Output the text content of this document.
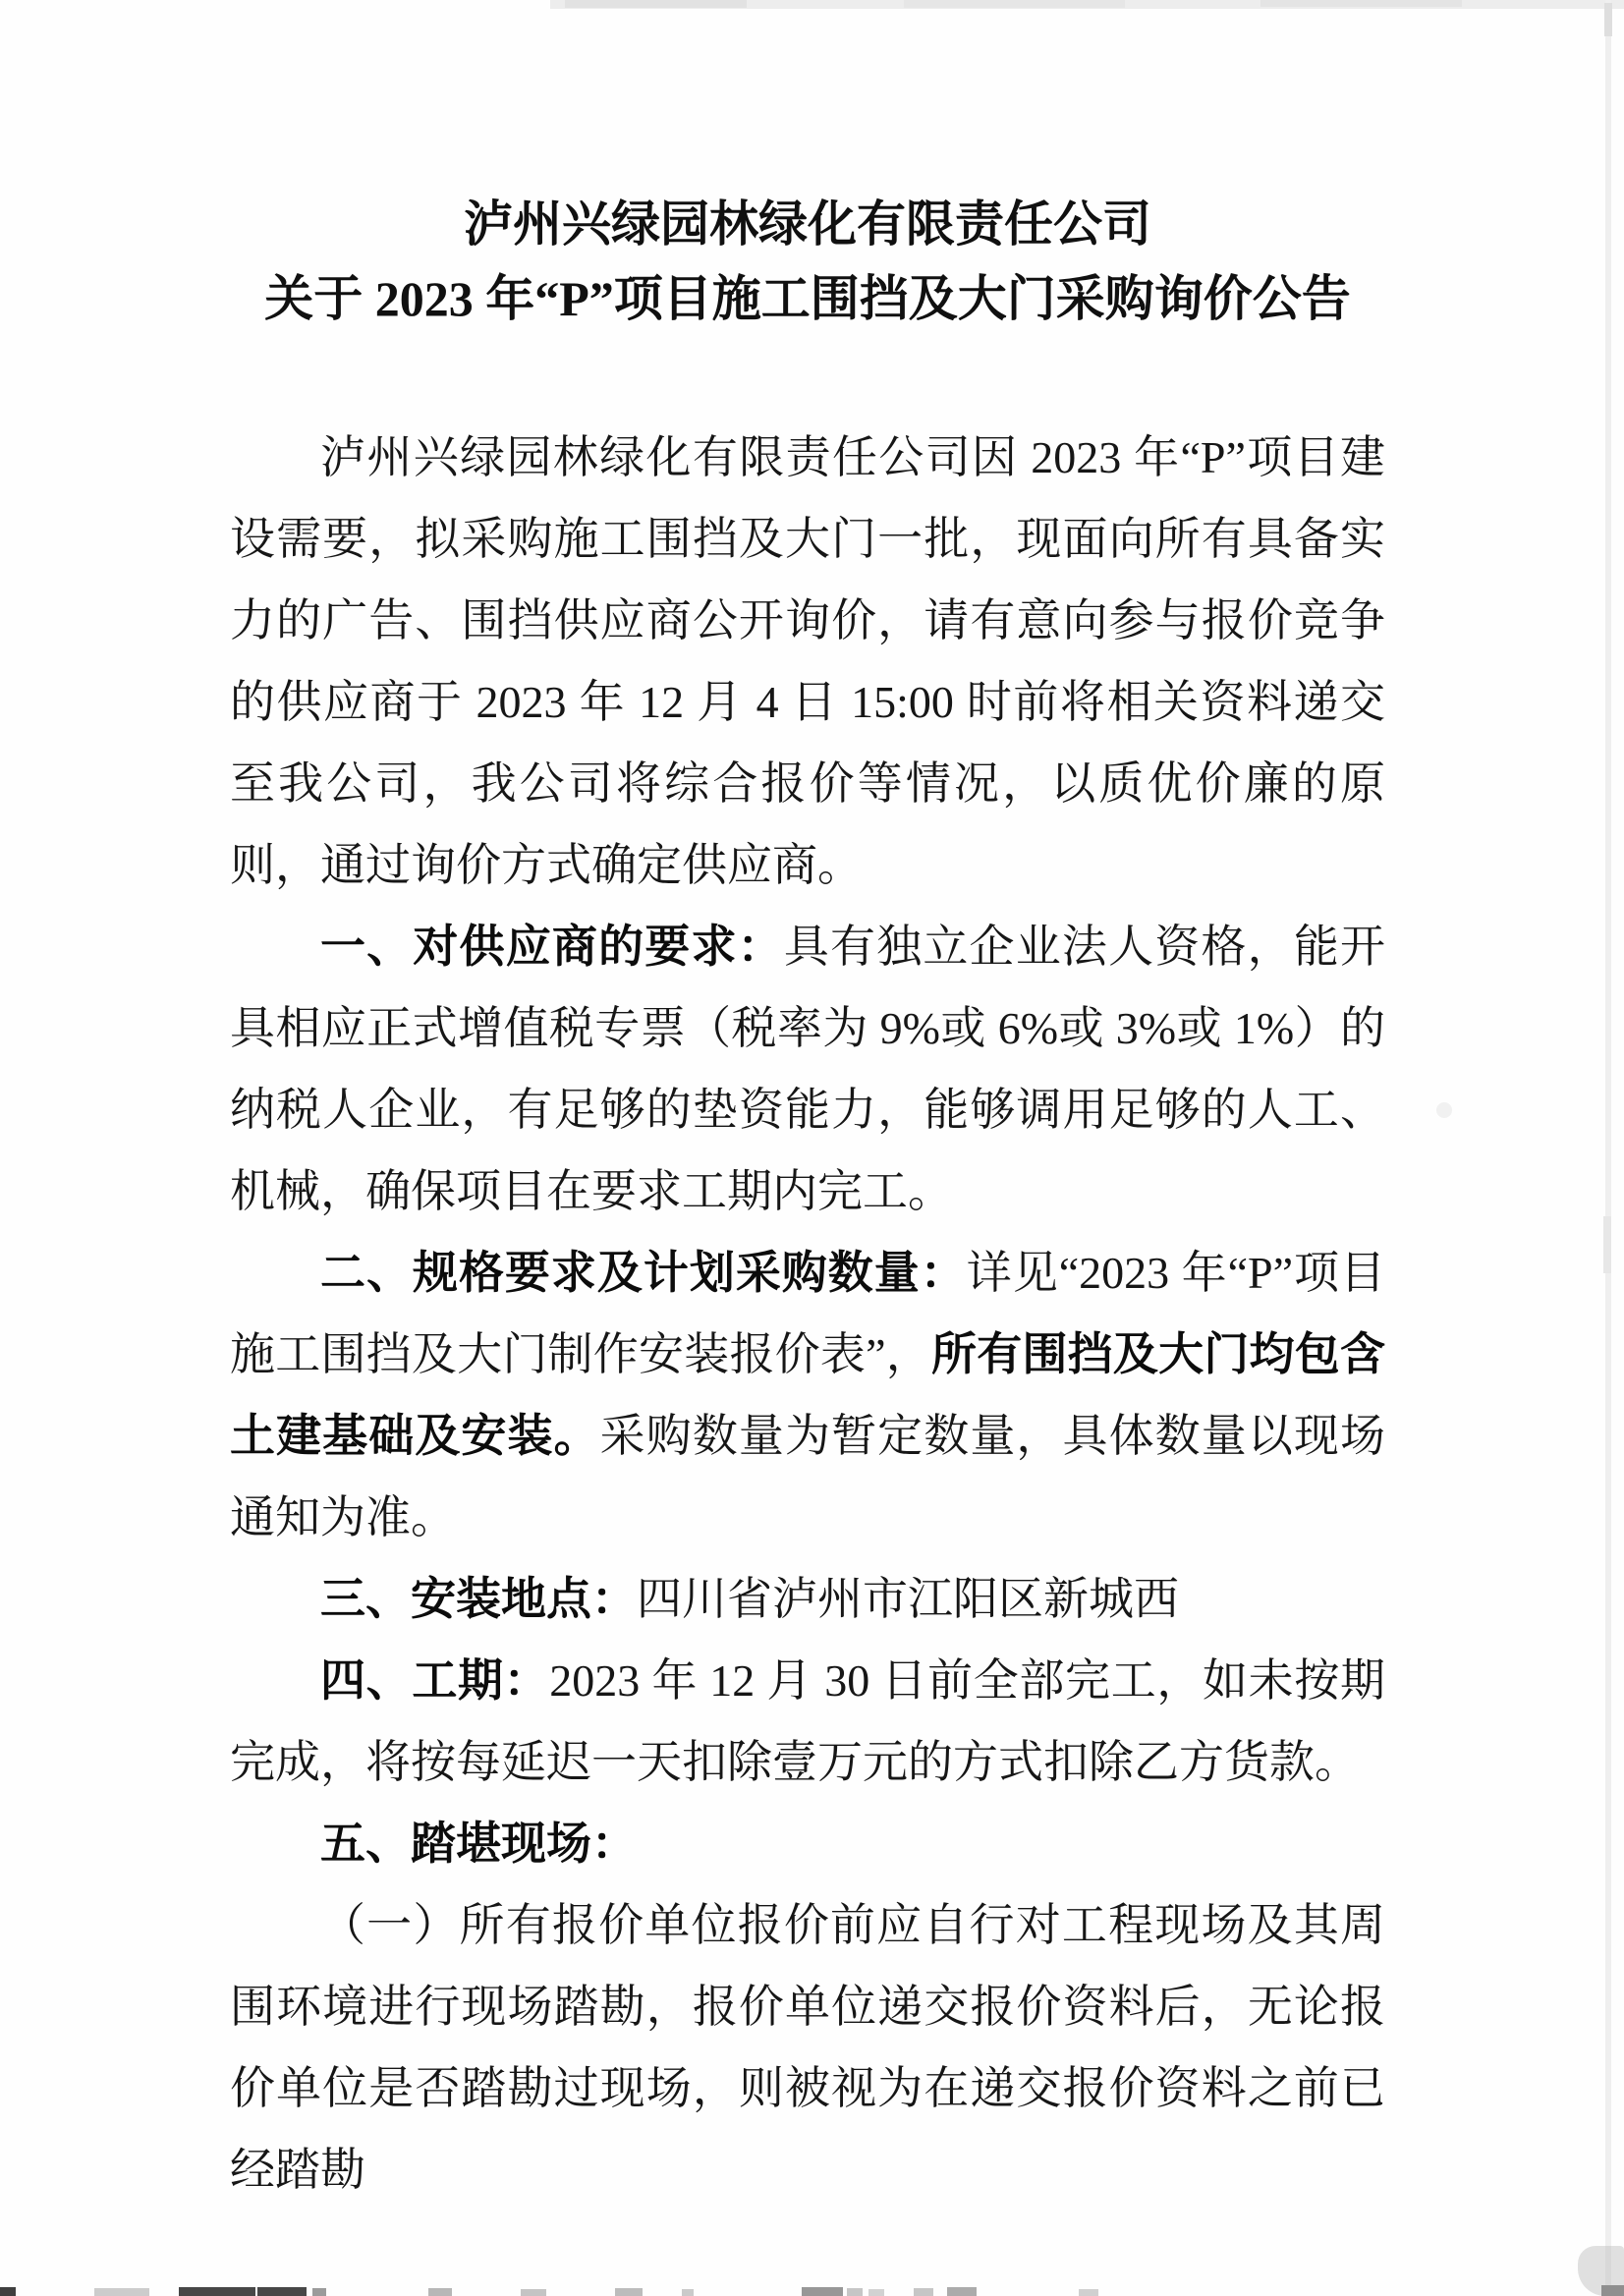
泸州兴绿园林绿化有限责任公司

关于 2023 年“P”项目施工围挡及大门采购询价公告

泸州兴绿园林绿化有限责任公司因 2023 年“P”项目建设需要，拟采购施工围挡及大门一批，现面向所有具备实力的广告、围挡供应商公开询价，请有意向参与报价竞争的供应商于 2023 年 12 月 4 日 15:00 时前将相关资料递交至我公司，我公司将综合报价等情况，以质优价廉的原则，通过询价方式确定供应商。

一、对供应商的要求：具有独立企业法人资格，能开具相应正式增值税专票（税率为 9%或 6%或 3%或 1%）的纳税人企业，有足够的垫资能力，能够调用足够的人工、机械，确保项目在要求工期内完工。

二、规格要求及计划采购数量：详见“2023 年“P”项目施工围挡及大门制作安装报价表”，所有围挡及大门均包含土建基础及安装。采购数量为暂定数量，具体数量以现场通知为准。

三、安装地点：四川省泸州市江阳区新城西

四、工期：2023 年 12 月 30 日前全部完工，如未按期完成，将按每延迟一天扣除壹万元的方式扣除乙方货款。

五、踏堪现场：

（一）所有报价单位报价前应自行对工程现场及其周围环境进行现场踏勘，报价单位递交报价资料后，无论报价单位是否踏勘过现场，则被视为在递交报价资料之前已经踏勘
